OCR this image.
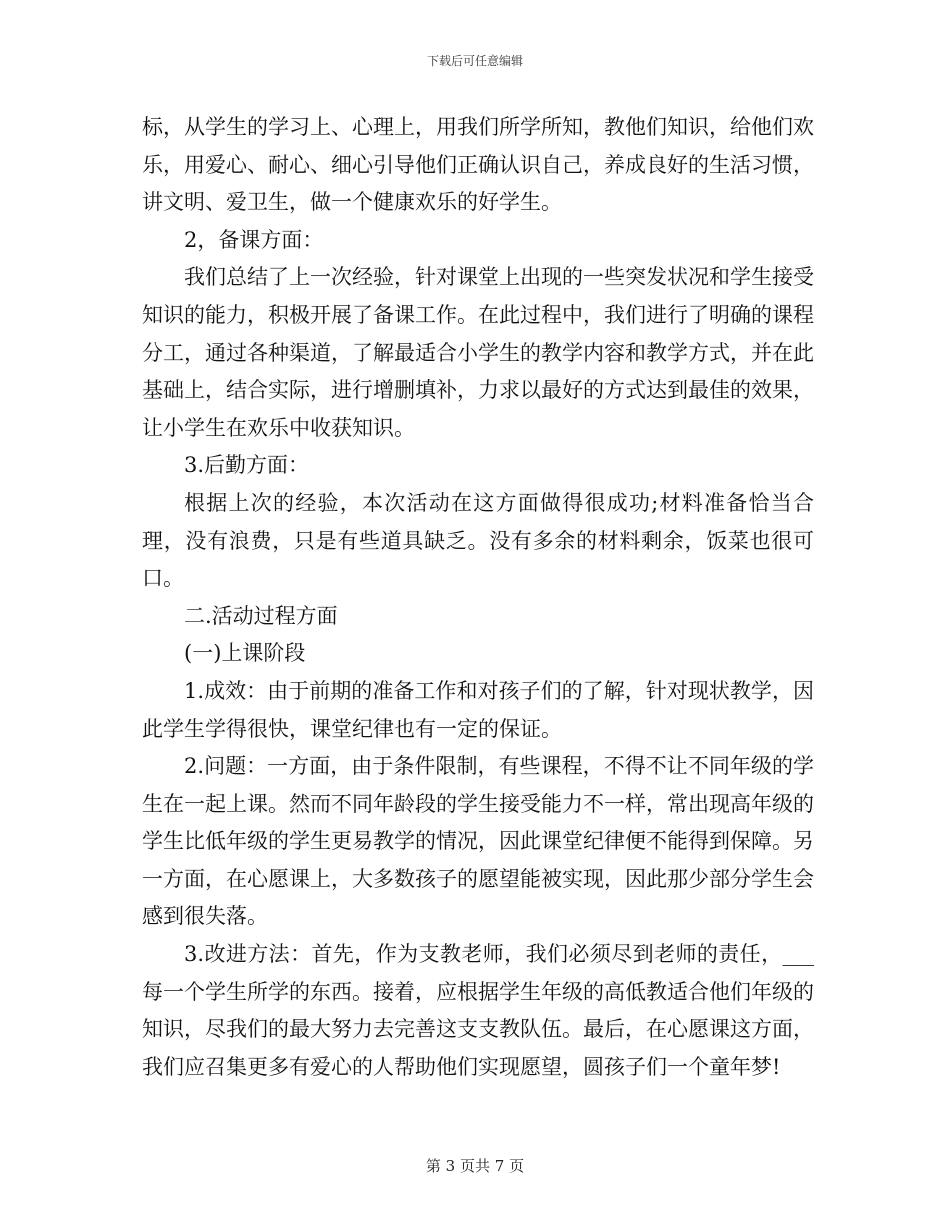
下载后可任意编辑

标，从学生的学习上、心理上，用我们所学所知，教他们知识，给他们欢乐，用爱心、耐心、细心引导他们正确认识自己，养成良好的生活习惯，讲文明、爱卫生，做一个健康欢乐的好学生。

2，备课方面：

我们总结了上一次经验，针对课堂上出现的一些突发状况和学生接受知识的能力，积极开展了备课工作。在此过程中，我们进行了明确的课程分工，通过各种渠道，了解最适合小学生的教学内容和教学方式，并在此基础上，结合实际，进行增删填补，力求以最好的方式达到最佳的效果，让小学生在欢乐中收获知识。

3.后勤方面：

根据上次的经验，本次活动在这方面做得很成功;材料准备恰当合理，没有浪费，只是有些道具缺乏。没有多余的材料剩余，饭菜也很可口。

二.活动过程方面

(一)上课阶段

1.成效：由于前期的准备工作和对孩子们的了解，针对现状教学，因此学生学得很快，课堂纪律也有一定的保证。

2.问题：一方面，由于条件限制，有些课程，不得不让不同年级的学生在一起上课。然而不同年龄段的学生接受能力不一样，常出现高年级的学生比低年级的学生更易教学的情况，因此课堂纪律便不能得到保障。另一方面，在心愿课上，大多数孩子的愿望能被实现，因此那少部分学生会感到很失落。

3.改进方法：首先，作为支教老师，我们必须尽到老师的责任，___每一个学生所学的东西。接着，应根据学生年级的高低教适合他们年级的知识，尽我们的最大努力去完善这支支教队伍。最后，在心愿课这方面，我们应召集更多有爱心的人帮助他们实现愿望，圆孩子们一个童年梦!

第 3 页共 7 页
